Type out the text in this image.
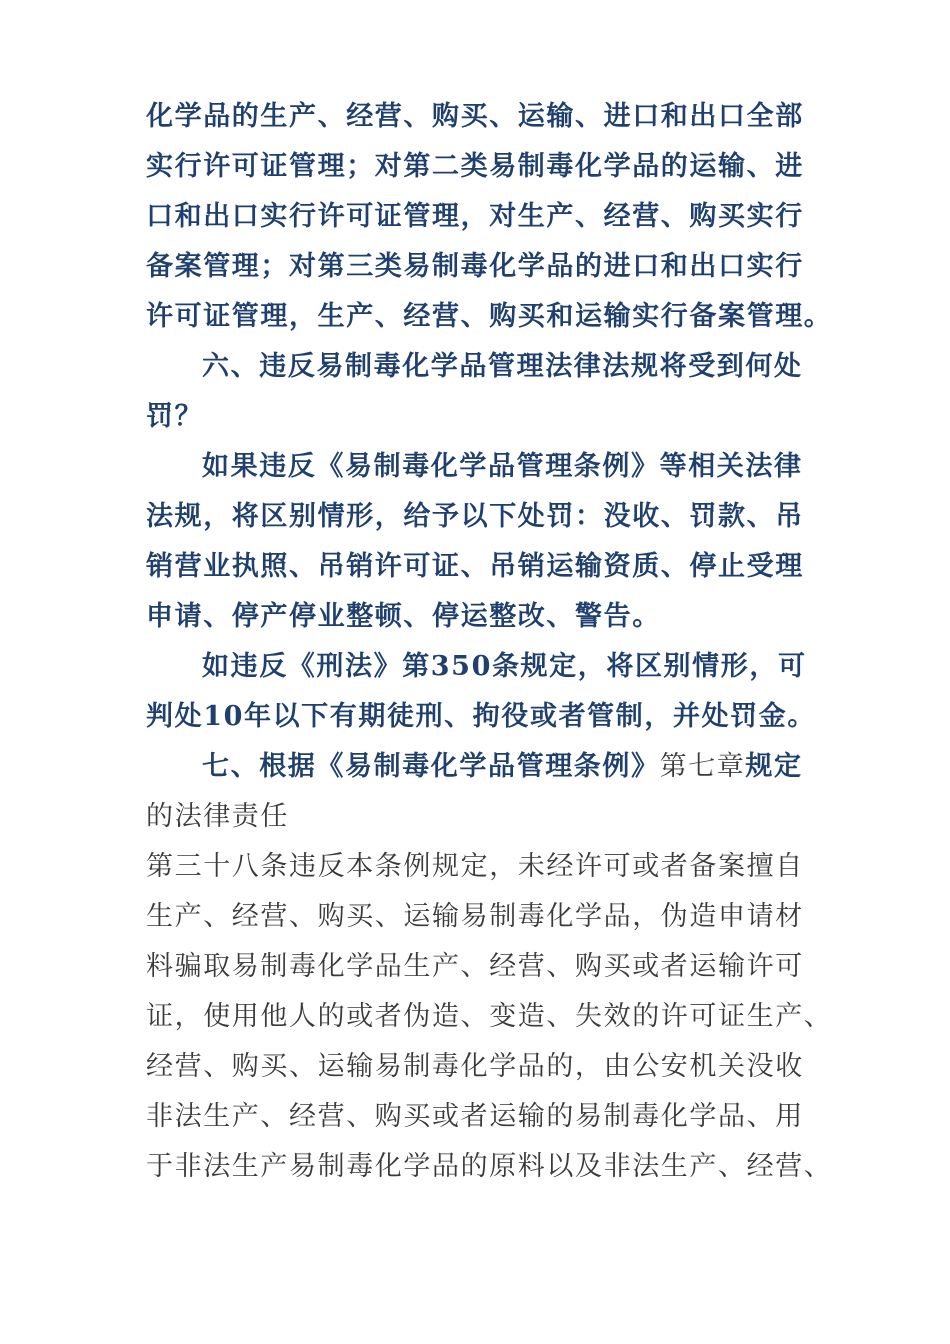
化学品的生产、经营、购买、运输、进口和出口全部
实行许可证管理；对第二类易制毒化学品的运输、进
口和出口实行许可证管理，对生产、经营、购买实行
备案管理；对第三类易制毒化学品的进口和出口实行
许可证管理，生产、经营、购买和运输实行备案管理。
六、违反易制毒化学品管理法律法规将受到何处
罚？
如果违反《易制毒化学品管理条例》等相关法律
法规，将区别情形，给予以下处罚：没收、罚款、吊
销营业执照、吊销许可证、吊销运输资质、停止受理
申请、停产停业整顿、停运整改、警告。
如违反《刑法》第350条规定，将区别情形，可
判处10年以下有期徒刑、拘役或者管制，并处罚金。
七、根据《易制毒化学品管理条例》第七章规定
的法律责任
第三十八条违反本条例规定，未经许可或者备案擅自
生产、经营、购买、运输易制毒化学品，伪造申请材
料骗取易制毒化学品生产、经营、购买或者运输许可
证，使用他人的或者伪造、变造、失效的许可证生产、
经营、购买、运输易制毒化学品的，由公安机关没收
非法生产、经营、购买或者运输的易制毒化学品、用
于非法生产易制毒化学品的原料以及非法生产、经营、
